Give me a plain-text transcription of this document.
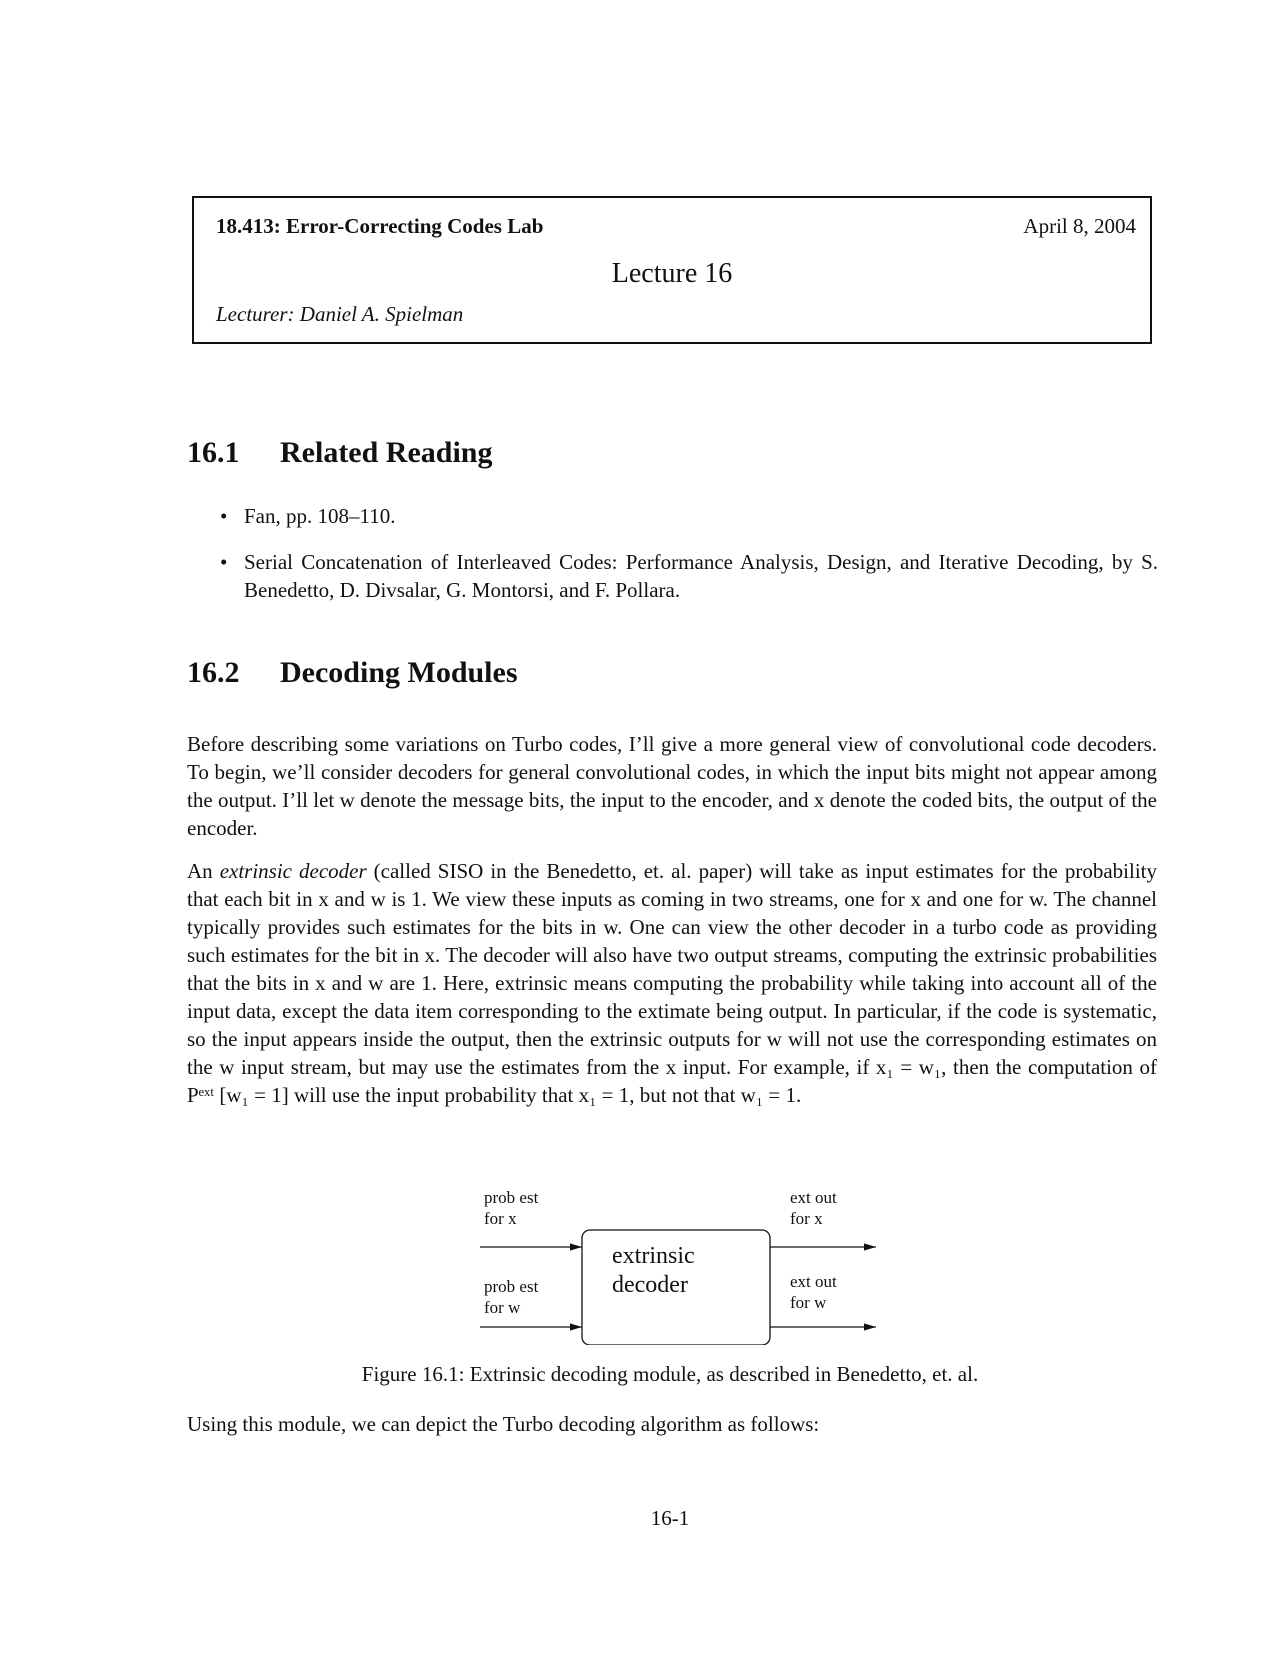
18.413: Error-Correcting Codes Lab	April 8, 2004
Lecture 16
Lecturer: Daniel A. Spielman
16.1 Related Reading
• Fan, pp. 108–110.
• Serial Concatenation of Interleaved Codes: Performance Analysis, Design, and Iterative Decoding, by S. Benedetto, D. Divsalar, G. Montorsi, and F. Pollara.
16.2 Decoding Modules

Before describing some variations on Turbo codes, I’ll give a more general view of convolutional code decoders. To begin, we’ll consider decoders for general convolutional codes, in which the input bits might not appear among the output. I’ll let w denote the message bits, the input to the encoder, and x denote the coded bits, the output of the encoder.

An extrinsic decoder (called SISO in the Benedetto, et. al. paper) will take as input estimates for the probability that each bit in x and w is 1. We view these inputs as coming in two streams, one for x and one for w. The channel typically provides such estimates for the bits in w. One can view the other decoder in a turbo code as providing such estimates for the bit in x. The decoder will also have two output streams, computing the extrinsic probabilities that the bits in x and w are 1. Here, extrinsic means computing the probability while taking into account all of the input data, except the data item corresponding to the extimate being output. In particular, if the code is systematic, so the input appears inside the output, then the extrinsic outputs for w will not use the corresponding estimates on the w input stream, but may use the estimates from the x input. For example, if x₁ = w₁, then the computation of Pᵉˣᵗ [w₁ = 1] will use the input probability that x₁ = 1, but not that w₁ = 1.

prob est
for x
prob est
for w
ext out
for x
ext out
for w
extrinsic
decoder
Figure 16.1: Extrinsic decoding module, as described in Benedetto, et. al.

Using this module, we can depict the Turbo decoding algorithm as follows:

16-1
